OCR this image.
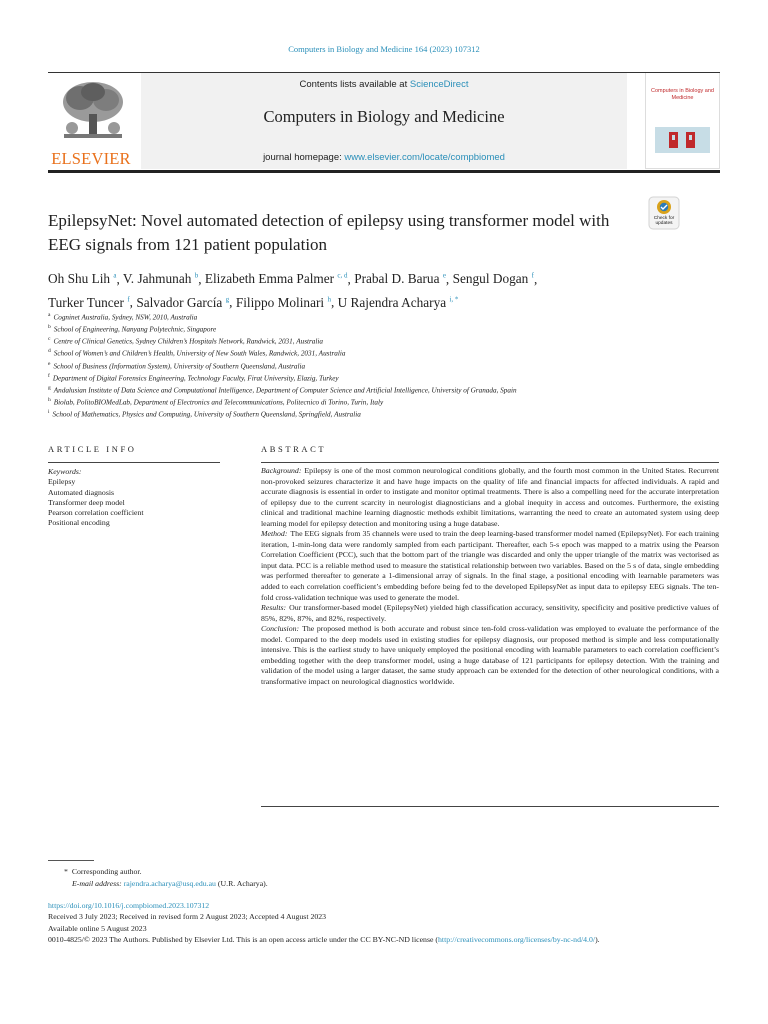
Computers in Biology and Medicine 164 (2023) 107312
ELSEVIER
Contents lists available at ScienceDirect
Computers in Biology and Medicine
journal homepage: www.elsevier.com/locate/compbiomed
Computers in Biology and Medicine
EpilepsyNet: Novel automated detection of epilepsy using transformer model with EEG signals from 121 patient population
Check for updates
Oh Shu Lih $^a$, V. Jahmunah $^b$, Elizabeth Emma Palmer $^{c, d}$, Prabal D. Barua $^e$, Sengul Dogan $^f$,
Turker Tuncer $^f$, Salvador García $^g$, Filippo Molinari $^h$, U Rajendra Acharya $^{i, *}$
$^a$ Cogninet Australia, Sydney, NSW, 2010, Australia
$^b$ School of Engineering, Nanyang Polytechnic, Singapore
$^c$ Centre of Clinical Genetics, Sydney Children’s Hospitals Network, Randwick, 2031, Australia
$^d$ School of Women’s and Children’s Health, University of New South Wales, Randwick, 2031, Australia
$^e$ School of Business (Information System), University of Southern Queensland, Australia
$^f$ Department of Digital Forensics Engineering, Technology Faculty, Firat University, Elazig, Turkey
$^g$ Andalusian Institute of Data Science and Computational Intelligence, Department of Computer Science and Artificial Intelligence, University of Granada, Spain
$^h$ Biolab, PolitoBIOMedLab, Department of Electronics and Telecommunications, Politecnico di Torino, Turin, Italy
$^i$ School of Mathematics, Physics and Computing, University of Southern Queensland, Springfield, Australia
ARTICLE INFO	ABSTRACT
Keywords:
Epilepsy
Automated diagnosis
Transformer deep model
Pearson correlation coefficient
Positional encoding

Background: Epilepsy is one of the most common neurological conditions globally, and the fourth most common in the United States. Recurrent non-provoked seizures characterize it and have huge impacts on the quality of life and financial impacts for affected individuals. A rapid and accurate diagnosis is essential in order to instigate and monitor optimal treatments. There is also a compelling need for the accurate interpretation of epilepsy due to the current scarcity in neurologist diagnosticians and a global inequity in access and outcomes. Furthermore, the existing clinical and traditional machine learning diagnostic methods exhibit limitations, warranting the need to create an automated system using deep learning model for epilepsy detection and monitoring using a huge database.

Method: The EEG signals from 35 channels were used to train the deep learning-based transformer model named (EpilepsyNet). For each training iteration, 1-min-long data were randomly sampled from each participant. Thereafter, each 5-s epoch was mapped to a matrix using the Pearson Correlation Coefficient (PCC), such that the bottom part of the triangle was discarded and only the upper triangle of the matrix was vectorised as input data. PCC is a reliable method used to measure the statistical relationship between two variables. Based on the 5 s of data, single embedding was performed thereafter to generate a 1-dimensional array of signals. In the final stage, a positional encoding with learnable parameters was added to each correlation coefficient’s embedding before being fed to the developed EpilepsyNet as input data to epilepsy EEG signals. The ten-fold cross-validation technique was used to generate the model.

Results: Our transformer-based model (EpilepsyNet) yielded high classification accuracy, sensitivity, specificity and positive predictive values of 85%, 82%, 87%, and 82%, respectively.

Conclusion: The proposed method is both accurate and robust since ten-fold cross-validation was employed to evaluate the performance of the model. Compared to the deep models used in existing studies for epilepsy diagnosis, our proposed method is simple and less computationally intensive. This is the earliest study to have uniquely employed the positional encoding with learnable parameters to each correlation coefficient’s embedding together with the deep transformer model, using a huge database of 121 participants for epilepsy detection. With the training and validation of the model using a larger dataset, the same study approach can be extended for the detection of other neurological conditions, with a transformative impact on neurological diagnostics worldwide.

* Corresponding author.
E-mail address: rajendra.acharya@usq.edu.au (U.R. Acharya).
https://doi.org/10.1016/j.compbiomed.2023.107312
Received 3 July 2023; Received in revised form 2 August 2023; Accepted 4 August 2023
Available online 5 August 2023
0010-4825/© 2023 The Authors. Published by Elsevier Ltd. This is an open access article under the CC BY-NC-ND license (http://creativecommons.org/licenses/by-nc-nd/4.0/).
